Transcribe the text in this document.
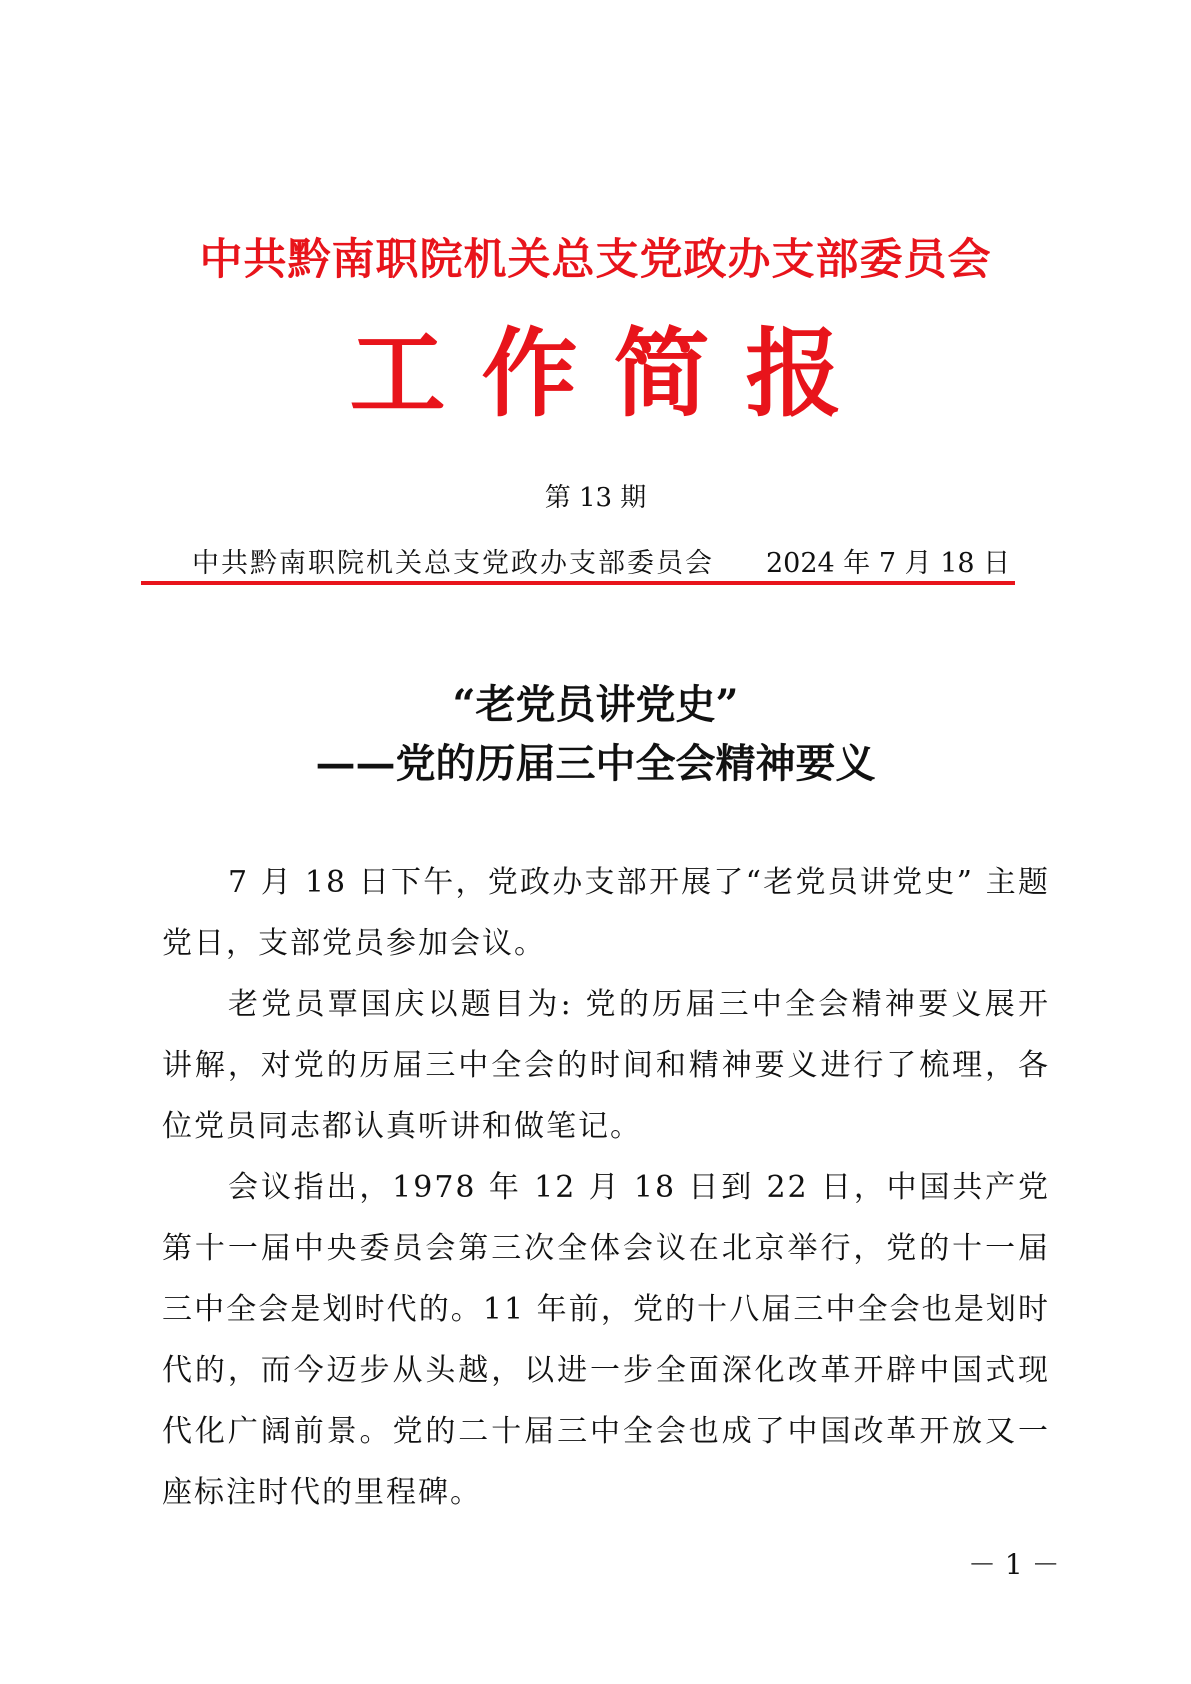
中共黔南职院机关总支党政办支部委员会
工作简报
第 13 期
中共黔南职院机关总支党政办支部委员会 2024 年 7 月 18 日
“老党员讲党史”
——党的历届三中全会精神要义

7 月 18 日下午，党政办支部开展了“老党员讲党史” 主题党日，支部党员参加会议。

老党员覃国庆以题目为: 党的历届三中全会精神要义展开讲解，对党的历届三中全会的时间和精神要义进行了梳理，各位党员同志都认真听讲和做笔记。

会议指出，1978 年 12 月 18 日到 22 日，中国共产党第十一届中央委员会第三次全体会议在北京举行，党的十一届三中全会是划时代的。11 年前，党的十八届三中全会也是划时代的，而今迈步从头越，以进一步全面深化改革开辟中国式现代化广阔前景。党的二十届三中全会也成了中国改革开放又一座标注时代的里程碑。

－ 1 －
